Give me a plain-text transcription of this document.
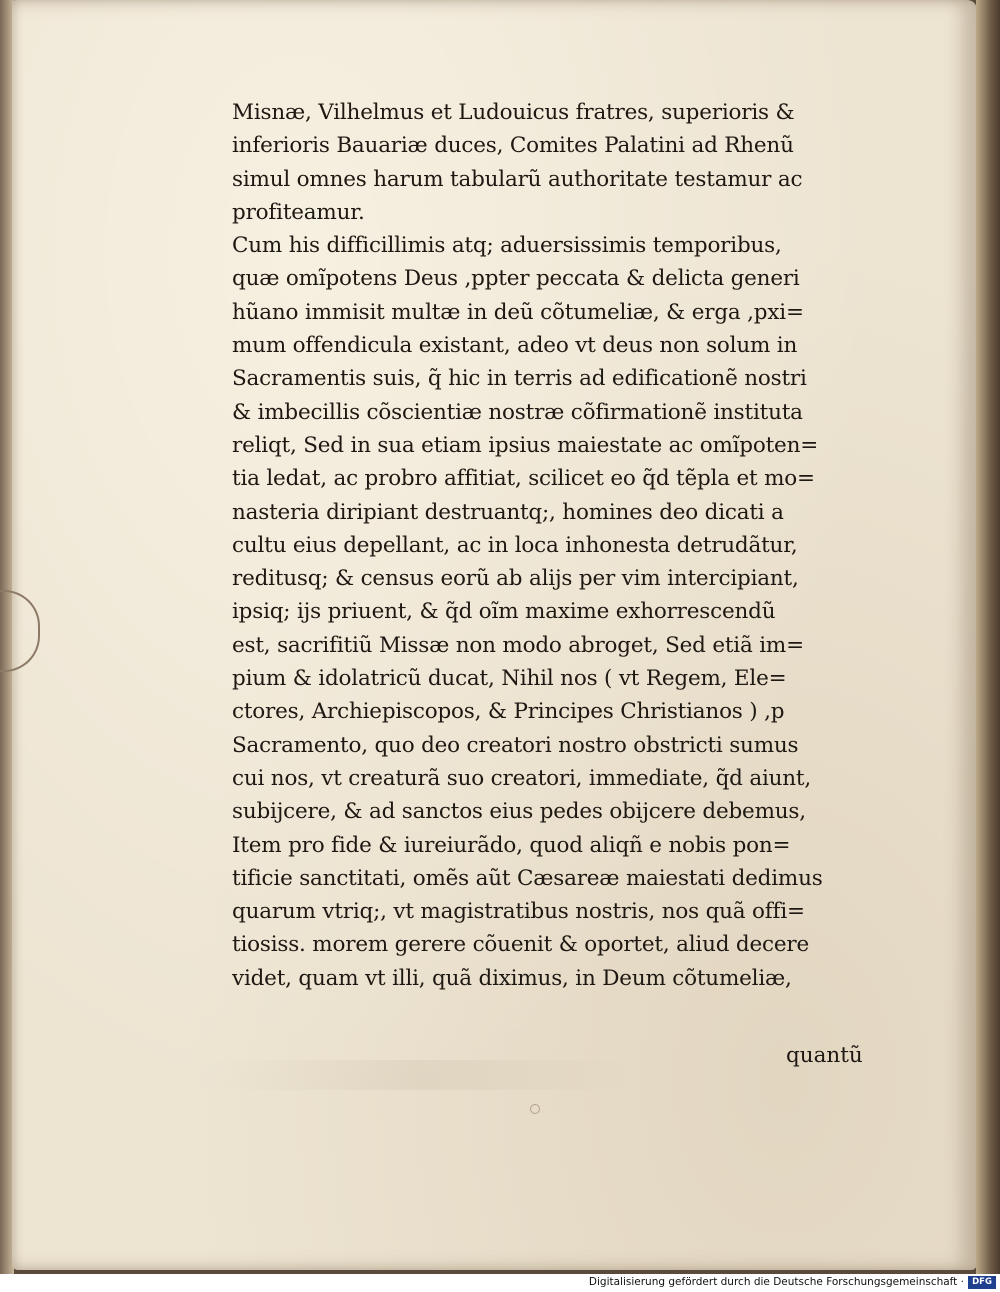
Misnæ, Vilhelmus et Ludouicus fratres, superioris &
inferioris Bauariæ duces, Comites Palatini ad Rhenũ
simul omnes harum tabularũ authoritate testamur ac
profiteamur.
Cum his difficillimis atq; aduersissimis temporibus,
quæ omĩpotens Deus ,ppter peccata & delicta generi
hũano immisit multæ in deũ cõtumeliæ, & erga ,pxi=
mum offendicula existant, adeo vt deus non solum in
Sacramentis suis, q̃ hic in terris ad edificationẽ nostri
& imbecillis cõscientiæ nostræ cõfirmationẽ instituta
reliqt, Sed in sua etiam ipsius maiestate ac omĩpoten=
tia ledat, ac probro affitiat, scilicet eo q̃d tẽpla et mo=
nasteria diripiant destruantq;, homines deo dicati a
cultu eius depellant, ac in loca inhonesta detrudãtur,
reditusq; & census eorũ ab alijs per vim intercipiant,
ipsiq; ijs priuent, & q̃d oĩm maxime exhorrescendũ
est, sacrifitiũ Missæ non modo abroget, Sed etiã im=
pium & idolatricũ ducat, Nihil nos ( vt Regem, Ele=
ctores, Archiepiscopos, & Principes Christianos ) ,p
Sacramento, quo deo creatori nostro obstricti sumus
cui nos, vt creaturã suo creatori, immediate, q̃d aiunt,
subijcere, & ad sanctos eius pedes obijcere debemus,
Item pro fide & iureiurãdo, quod aliqñ e nobis pon=
tificie sanctitati, omẽs aũt Cæsareæ maiestati dedimus
quarum vtriq;, vt magistratibus nostris, nos quã offi=
tiosiss. morem gerere cõuenit & oportet, aliud decere
videt, quam vt illi, quã diximus, in Deum cõtumeliæ,
quantũ
Digitalisierung gefördert durch die Deutsche Forschungsgemeinschaft · DFG
